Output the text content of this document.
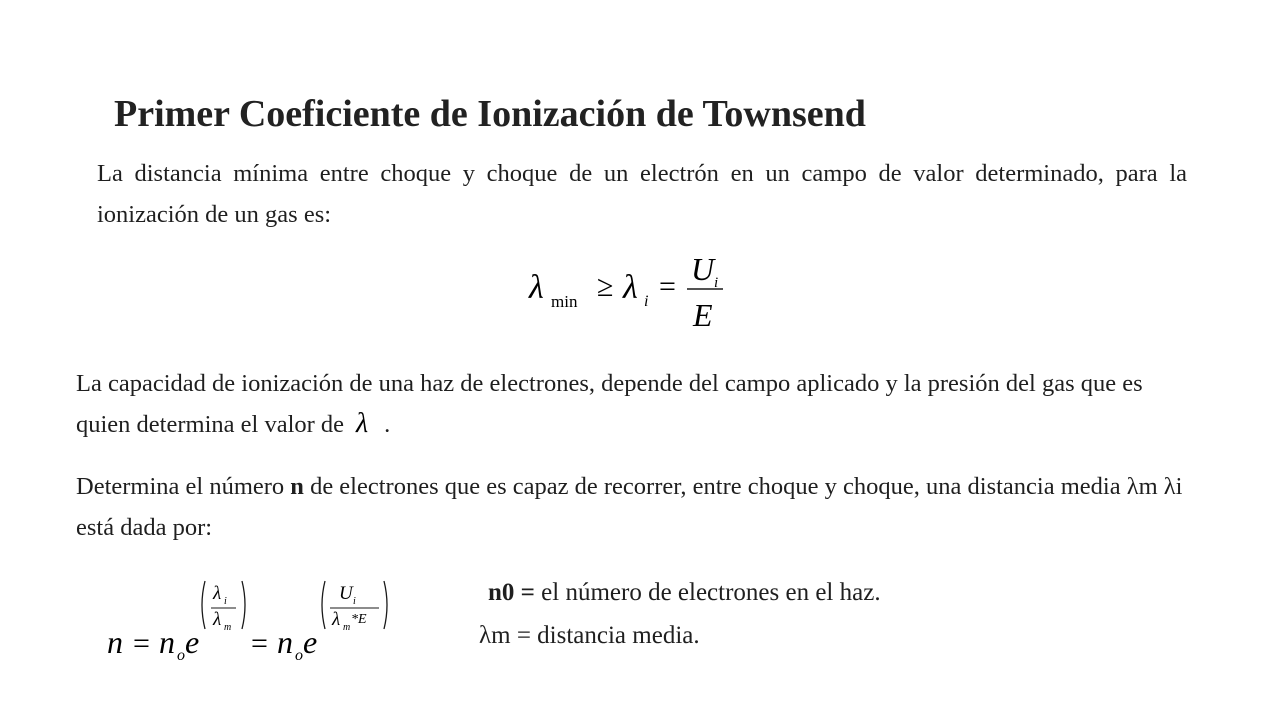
Primer Coeficiente de Ionización de Townsend
La distancia mínima entre choque y choque de un electrón en un campo de valor determinado, para la ionización de un gas es:
λ min ≥ λ i = U i
E
La capacidad de ionización de una haz de electrones, depende del campo aplicado y la presión del gas que es quien determina el valor de λ .
Determina el número n de electrones que es capaz de recorrer, entre choque y choque, una distancia media λm λi está dada por:
n = n o e
λ i
λ m = n o e
U i
λ m
*E
n0 = el número de electrones en el haz.
λm = distancia media.
